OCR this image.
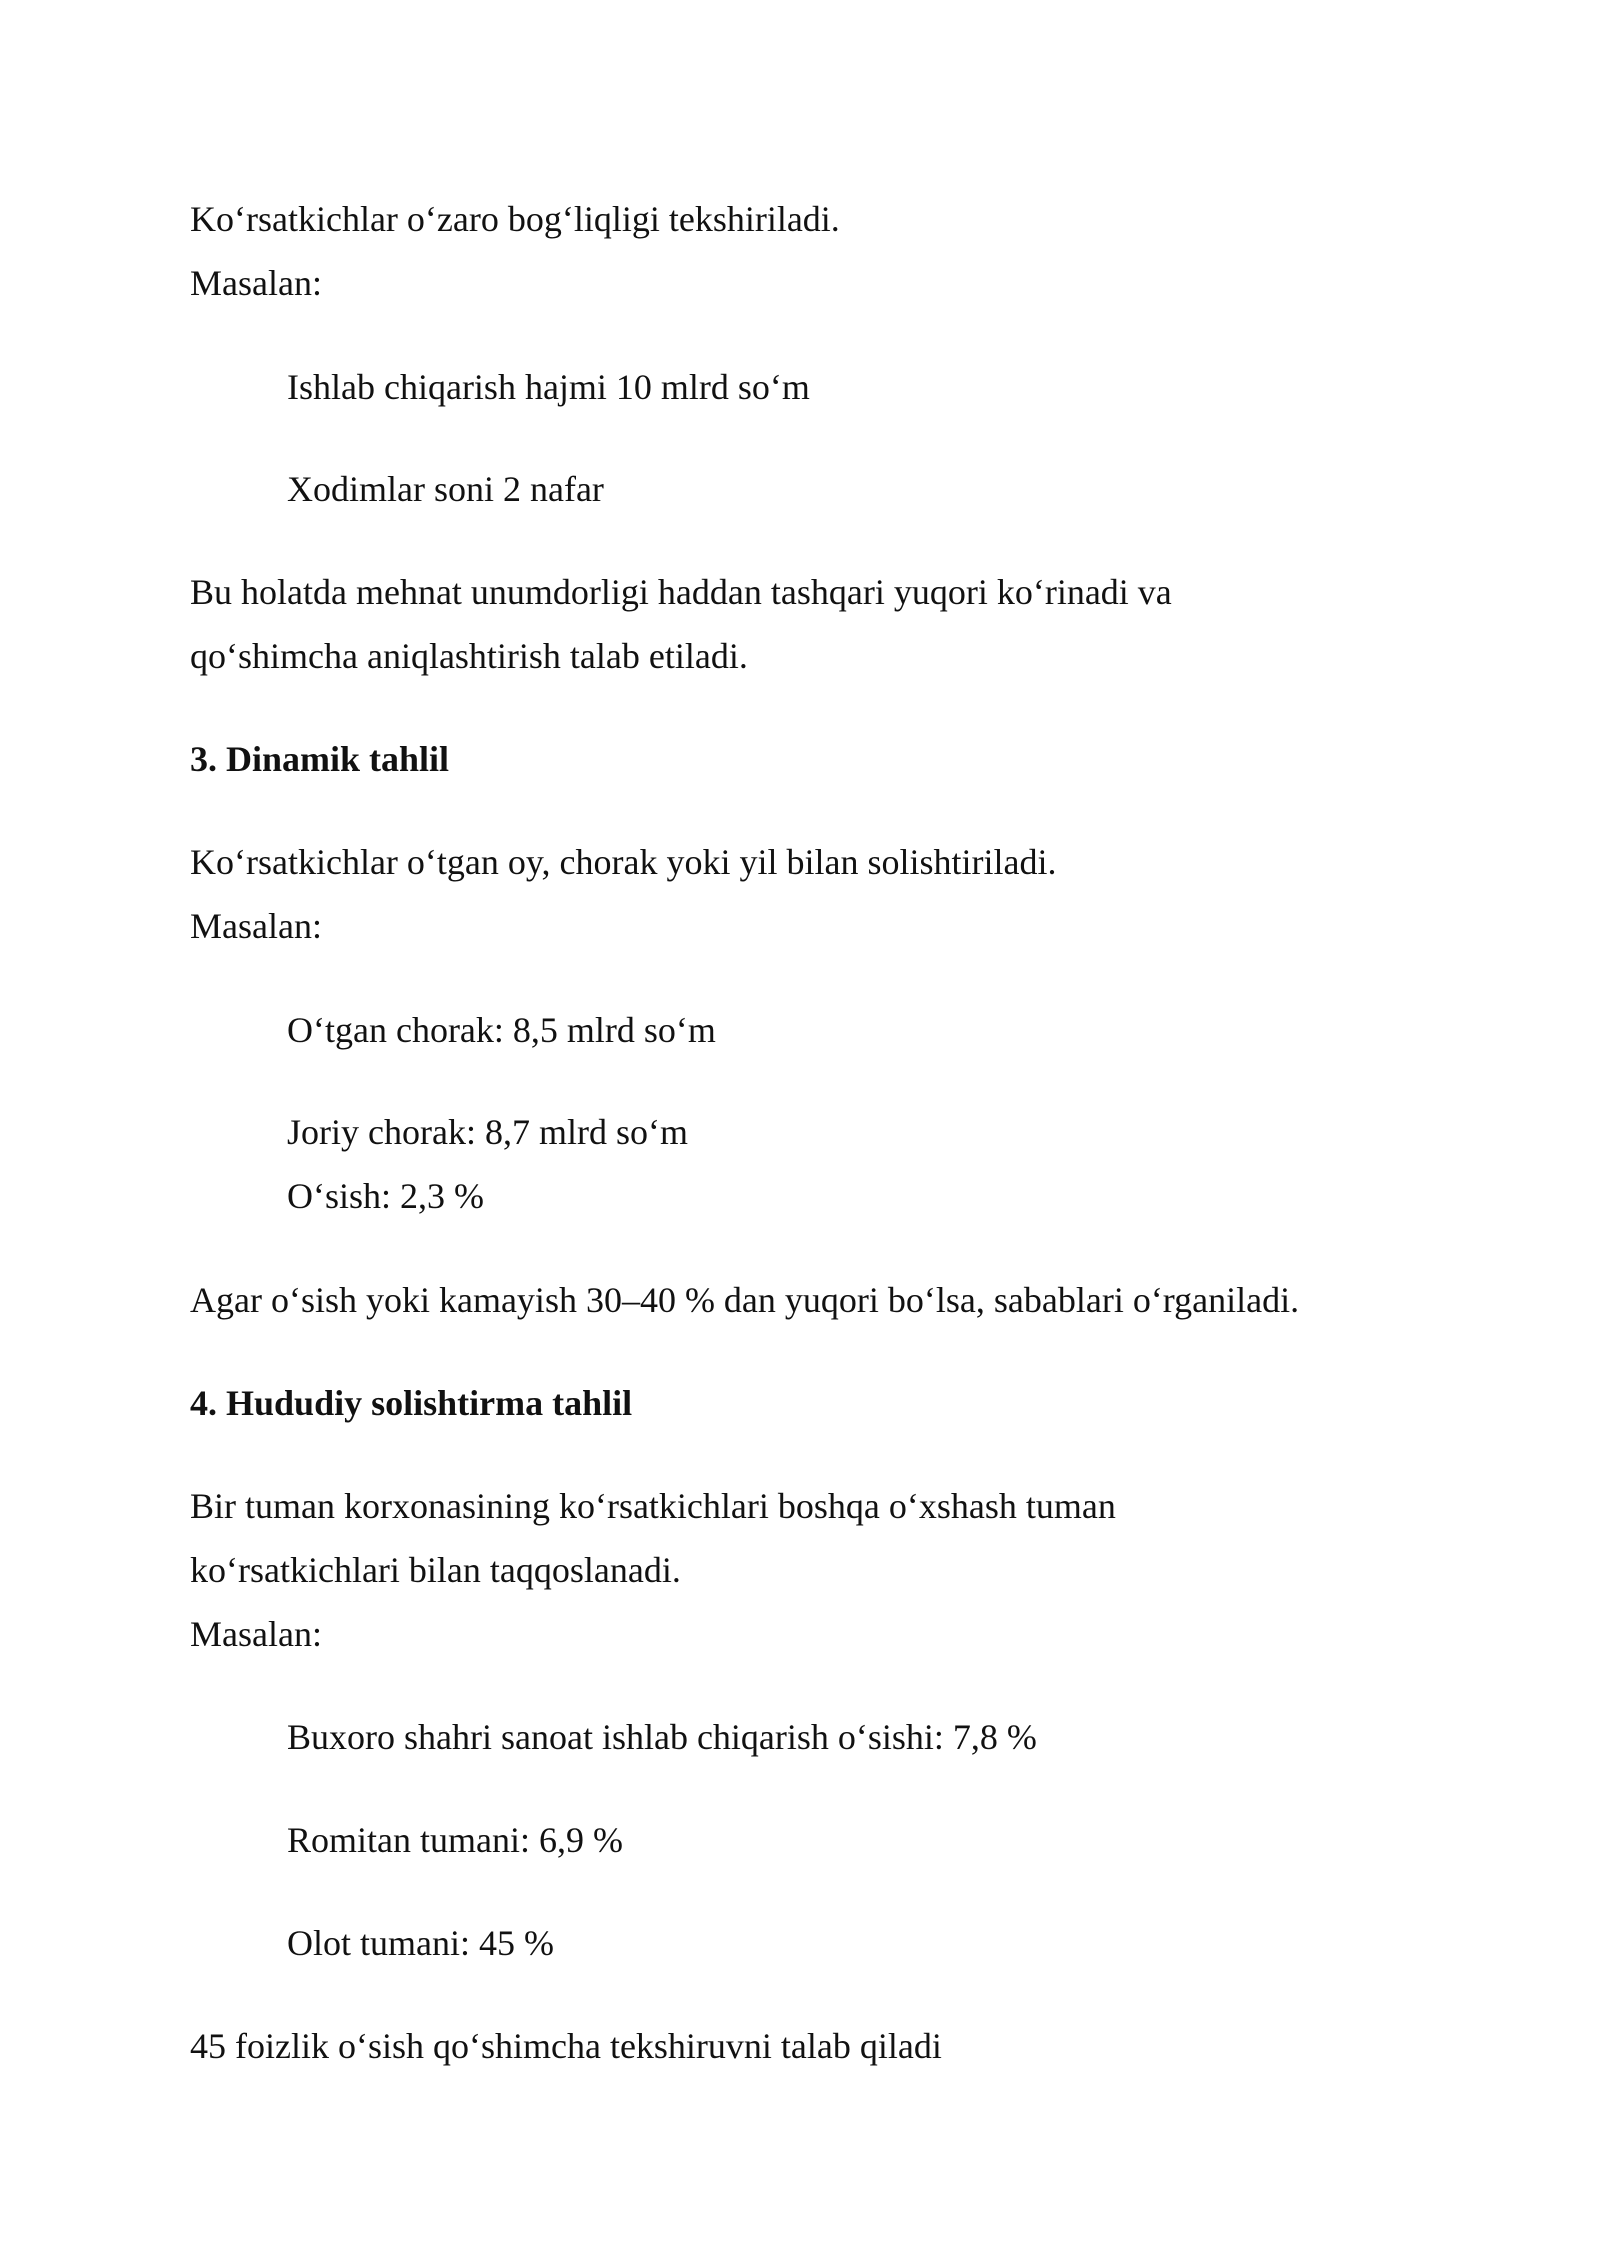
Ko‘rsatkichlar o‘zaro bog‘liqligi tekshiriladi.
Masalan:
Ishlab chiqarish hajmi 10 mlrd so‘m
Xodimlar soni 2 nafar
Bu holatda mehnat unumdorligi haddan tashqari yuqori ko‘rinadi va
qo‘shimcha aniqlashtirish talab etiladi.
3. Dinamik tahlil
Ko‘rsatkichlar o‘tgan oy, chorak yoki yil bilan solishtiriladi.
Masalan:
O‘tgan chorak: 8,5 mlrd so‘m
Joriy chorak: 8,7 mlrd so‘m
O‘sish: 2,3 %
Agar o‘sish yoki kamayish 30–40 % dan yuqori bo‘lsa, sabablari o‘rganiladi.
4. Hududiy solishtirma tahlil
Bir tuman korxonasining ko‘rsatkichlari boshqa o‘xshash tuman
ko‘rsatkichlari bilan taqqoslanadi.
Masalan:
Buxoro shahri sanoat ishlab chiqarish o‘sishi: 7,8 %
Romitan tumani: 6,9 %
Olot tumani: 45 %
45 foizlik o‘sish qo‘shimcha tekshiruvni talab qiladi
